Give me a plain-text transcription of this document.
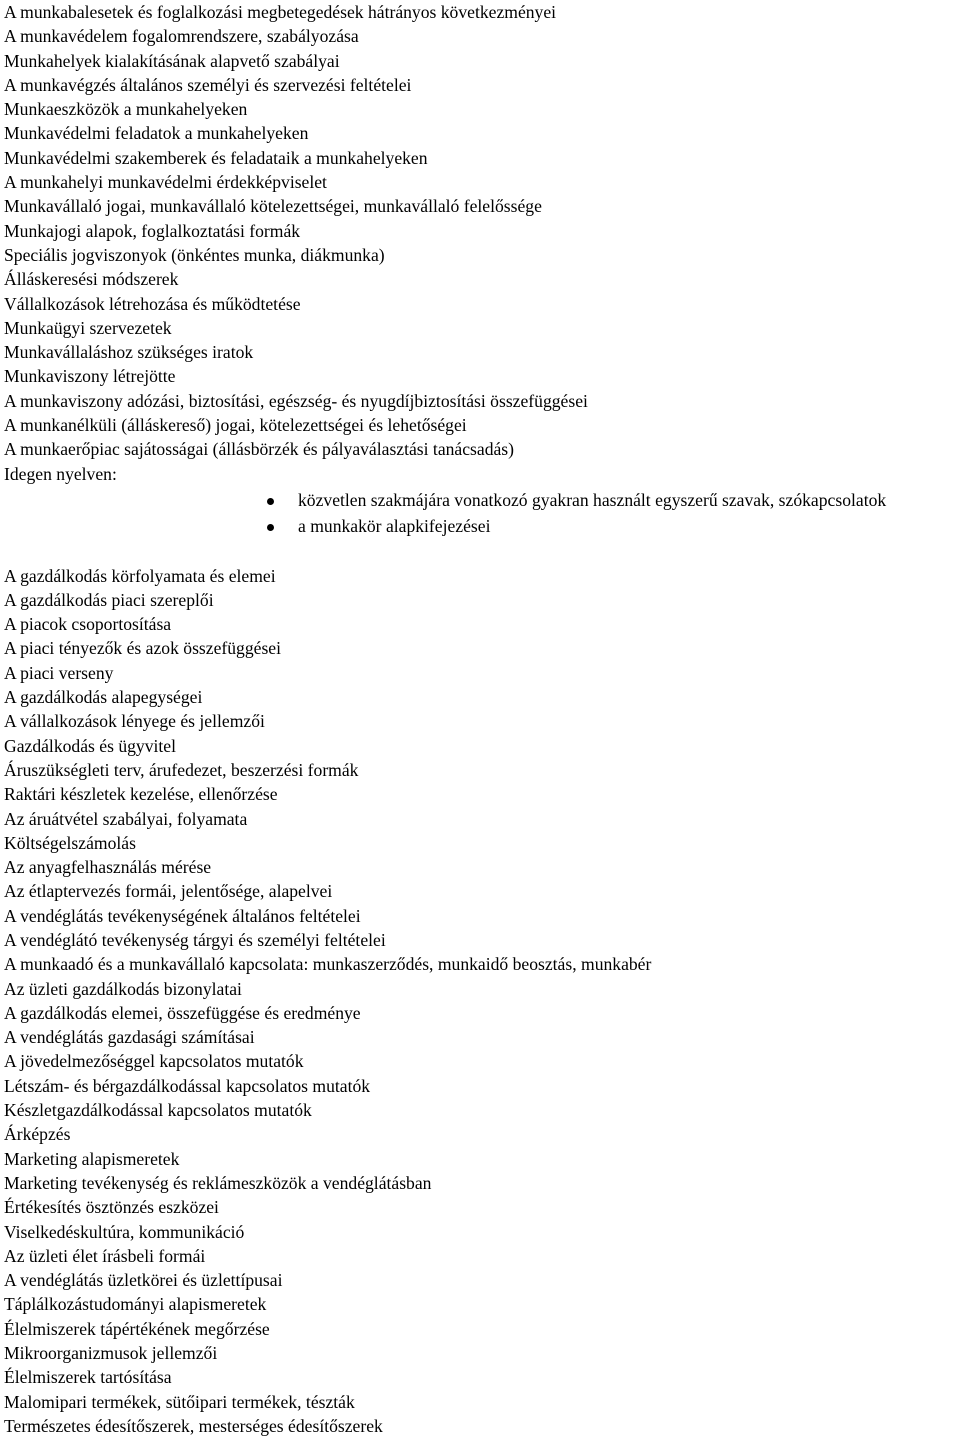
A munkabalesetek és foglalkozási megbetegedések hátrányos következményei
A munkavédelem fogalomrendszere, szabályozása
Munkahelyek kialakításának alapvető szabályai
A munkavégzés általános személyi és szervezési feltételei
Munkaeszközök a munkahelyeken
Munkavédelmi feladatok a munkahelyeken
Munkavédelmi szakemberek és feladataik a munkahelyeken
A munkahelyi munkavédelmi érdekképviselet
Munkavállaló jogai, munkavállaló kötelezettségei, munkavállaló felelőssége
Munkajogi alapok, foglalkoztatási formák
Speciális jogviszonyok (önkéntes munka, diákmunka)
Álláskeresési módszerek
Vállalkozások létrehozása és működtetése
Munkaügyi szervezetek
Munkavállaláshoz szükséges iratok
Munkaviszony létrejötte
A munkaviszony adózási, biztosítási, egészség- és nyugdíjbiztosítási összefüggései
A munkanélküli (álláskereső) jogai, kötelezettségei és lehetőségei
A munkaerőpiac sajátosságai (állásbörzék és pályaválasztási tanácsadás)
Idegen nyelven:
közvetlen szakmájára vonatkozó gyakran használt egyszerű szavak, szókapcsolatok
a munkakör alapkifejezései
A gazdálkodás körfolyamata és elemei
A gazdálkodás piaci szereplői
A piacok csoportosítása
A piaci tényezők és azok összefüggései
A piaci verseny
A gazdálkodás alapegységei
A vállalkozások lényege és jellemzői
Gazdálkodás és ügyvitel
Áruszükségleti terv, árufedezet, beszerzési formák
Raktári készletek kezelése, ellenőrzése
Az áruátvétel szabályai, folyamata
Költségelszámolás
Az anyagfelhasználás mérése
Az étlaptervezés formái, jelentősége, alapelvei
A vendéglátás tevékenységének általános feltételei
A vendéglátó tevékenység tárgyi és személyi feltételei
A munkaadó és a munkavállaló kapcsolata: munkaszerződés, munkaidő beosztás, munkabér
Az üzleti gazdálkodás bizonylatai
A gazdálkodás elemei, összefüggése és eredménye
A vendéglátás gazdasági számításai
A jövedelmezőséggel kapcsolatos mutatók
Létszám- és bérgazdálkodással kapcsolatos mutatók
Készletgazdálkodással kapcsolatos mutatók
Árképzés
Marketing alapismeretek
Marketing tevékenység és reklámeszközök a vendéglátásban
Értékesítés ösztönzés eszközei
Viselkedéskultúra, kommunikáció
Az üzleti élet írásbeli formái
A vendéglátás üzletkörei és üzlettípusai
Táplálkozástudományi alapismeretek
Élelmiszerek tápértékének megőrzése
Mikroorganizmusok jellemzői
Élelmiszerek tartósítása
Malomipari termékek, sütőipari termékek, tészták
Természetes édesítőszerek, mesterséges édesítőszerek
